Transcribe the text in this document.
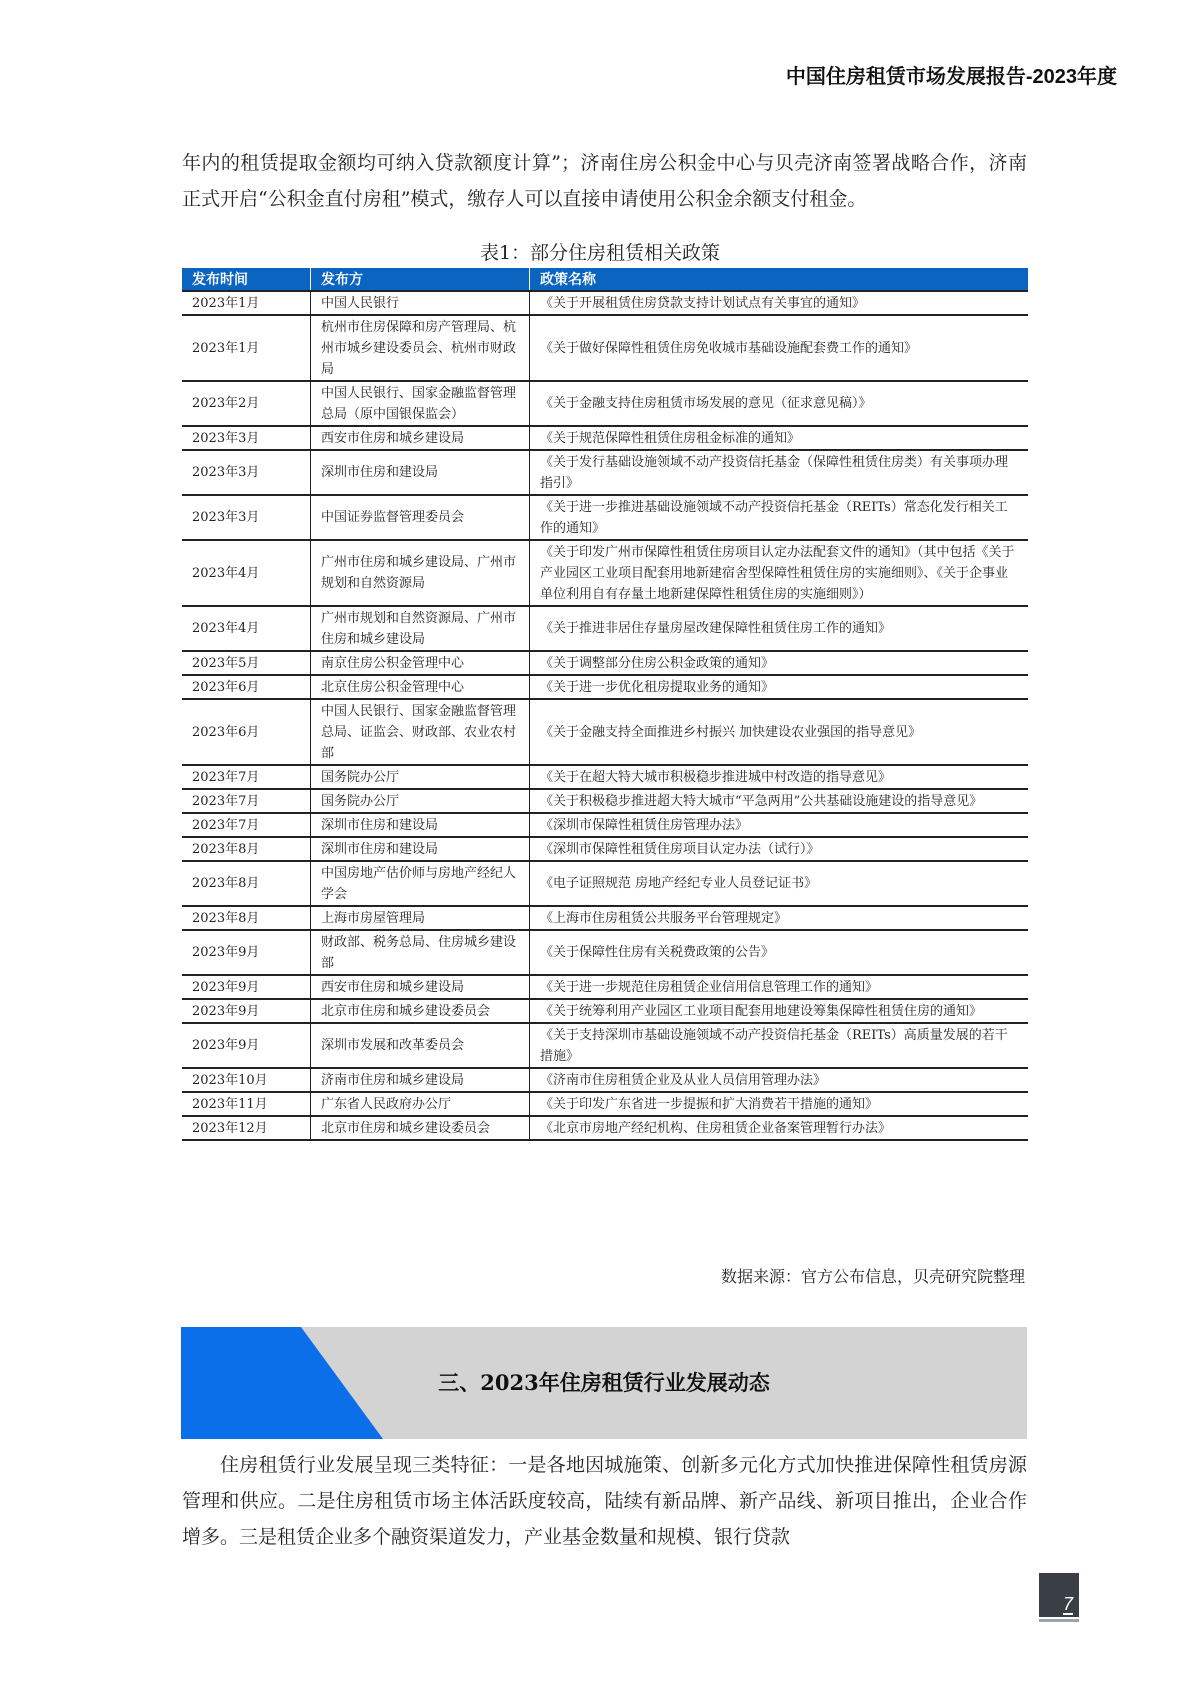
中国住房租赁市场发展报告-2023年度
年内的租赁提取金额均可纳入贷款额度计算”；济南住房公积金中心与贝壳济南签署战略合作，济南正式开启“公积金直付房租”模式，缴存人可以直接申请使用公积金余额支付租金。
表1：部分住房租赁相关政策
发布时间	发布方	政策名称
2023年1月	中国人民银行	《关于开展租赁住房贷款支持计划试点有关事宜的通知》
2023年1月	杭州市住房保障和房产管理局、杭州市城乡建设委员会、杭州市财政局	《关于做好保障性租赁住房免收城市基础设施配套费工作的通知》
2023年2月	中国人民银行、国家金融监督管理总局（原中国银保监会）	《关于金融支持住房租赁市场发展的意见（征求意见稿）》
2023年3月	西安市住房和城乡建设局	《关于规范保障性租赁住房租金标准的通知》
2023年3月	深圳市住房和建设局	《关于发行基础设施领域不动产投资信托基金（保障性租赁住房类）有关事项办理指引》
2023年3月	中国证券监督管理委员会	《关于进一步推进基础设施领域不动产投资信托基金（REITs）常态化发行相关工作的通知》
2023年4月	广州市住房和城乡建设局、广州市规划和自然资源局	《关于印发广州市保障性租赁住房项目认定办法配套文件的通知》（其中包括《关于产业园区工业项目配套用地新建宿舍型保障性租赁住房的实施细则》、《关于企事业单位利用自有存量土地新建保障性租赁住房的实施细则》）
2023年4月	广州市规划和自然资源局、广州市住房和城乡建设局	《关于推进非居住存量房屋改建保障性租赁住房工作的通知》
2023年5月	南京住房公积金管理中心	《关于调整部分住房公积金政策的通知》
2023年6月	北京住房公积金管理中心	《关于进一步优化租房提取业务的通知》
2023年6月	中国人民银行、国家金融监督管理总局、证监会、财政部、农业农村部	《关于金融支持全面推进乡村振兴 加快建设农业强国的指导意见》
2023年7月	国务院办公厅	《关于在超大特大城市积极稳步推进城中村改造的指导意见》
2023年7月	国务院办公厅	《关于积极稳步推进超大特大城市“平急两用”公共基础设施建设的指导意见》
2023年7月	深圳市住房和建设局	《深圳市保障性租赁住房管理办法》
2023年8月	深圳市住房和建设局	《深圳市保障性租赁住房项目认定办法（试行）》
2023年8月	中国房地产估价师与房地产经纪人学会	《电子证照规范 房地产经纪专业人员登记证书》
2023年8月	上海市房屋管理局	《上海市住房租赁公共服务平台管理规定》
2023年9月	财政部、税务总局、住房城乡建设部	《关于保障性住房有关税费政策的公告》
2023年9月	西安市住房和城乡建设局	《关于进一步规范住房租赁企业信用信息管理工作的通知》
2023年9月	北京市住房和城乡建设委员会	《关于统筹利用产业园区工业项目配套用地建设筹集保障性租赁住房的通知》
2023年9月	深圳市发展和改革委员会	《关于支持深圳市基础设施领域不动产投资信托基金（REITs）高质量发展的若干措施》
2023年10月	济南市住房和城乡建设局	《济南市住房租赁企业及从业人员信用管理办法》
2023年11月	广东省人民政府办公厅	《关于印发广东省进一步提振和扩大消费若干措施的通知》
2023年12月	北京市住房和城乡建设委员会	《北京市房地产经纪机构、住房租赁企业备案管理暂行办法》
数据来源：官方公布信息，贝壳研究院整理
三、2023年住房租赁行业发展动态
住房租赁行业发展呈现三类特征：一是各地因城施策、创新多元化方式加快推进保障性租赁房源管理和供应。二是住房租赁市场主体活跃度较高，陆续有新品牌、新产品线、新项目推出，企业合作增多。三是租赁企业多个融资渠道发力，产业基金数量和规模、银行贷款
7
